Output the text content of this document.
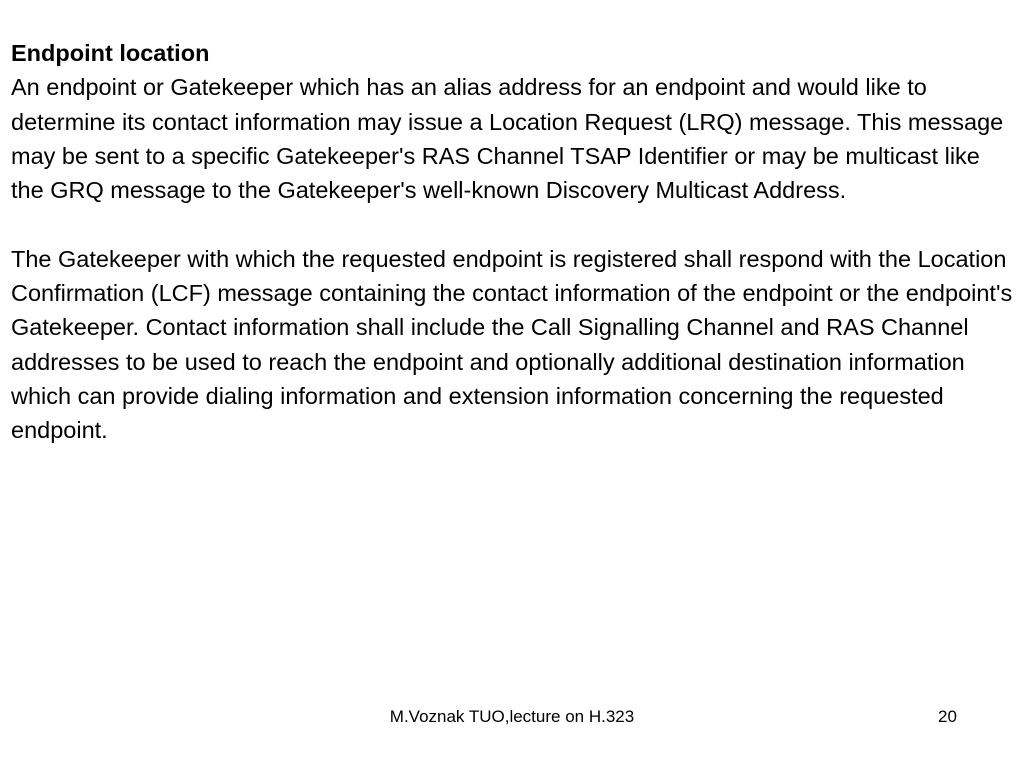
Endpoint location

An endpoint or Gatekeeper which has an alias address for an endpoint and would like to determine its contact information may issue a Location Request (LRQ) message. This message may be sent to a specific Gatekeeper's RAS Channel TSAP Identifier or may be multicast like the GRQ message to the Gatekeeper's well-known Discovery Multicast Address.

The Gatekeeper with which the requested endpoint is registered shall respond with the Location Confirmation (LCF) message containing the contact information of the endpoint or the endpoint's Gatekeeper. Contact information shall include the Call Signalling Channel and RAS Channel addresses to be used to reach the endpoint and optionally additional destination information which can provide dialing information and extension information concerning the requested endpoint.

M.Voznak TUO,lecture on H.323	20
